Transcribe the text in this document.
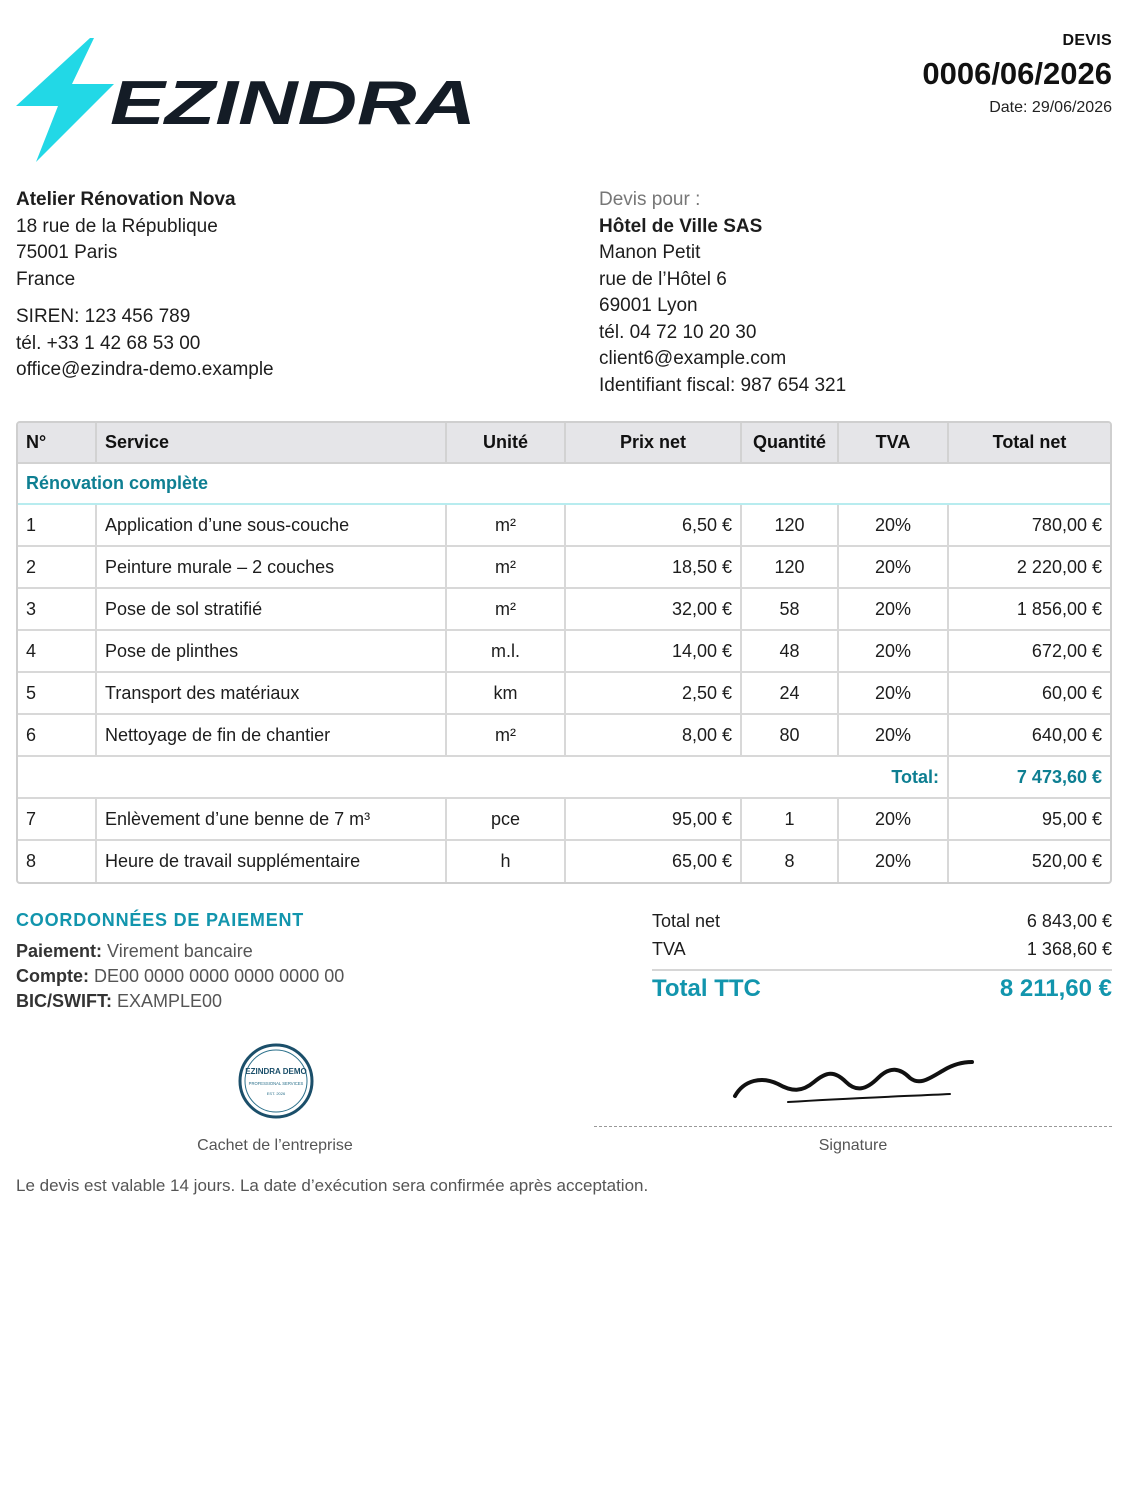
EZINDRA
DEVIS
0006/06/2026
Date: 29/06/2026
Atelier Rénovation Nova
18 rue de la République
75001 Paris
France
SIREN: 123 456 789
tél. +33 1 42 68 53 00
office@ezindra-demo.example
Devis pour :
Hôtel de Ville SAS
Manon Petit
rue de l’Hôtel 6
69001 Lyon
tél. 04 72 10 20 30
client6@example.com
Identifiant fiscal: 987 654 321
N°	Service	Unité	Prix net	Quantité	TVA	Total net
Rénovation complète						
1	Application d’une sous-couche	m²	6,50 €	120	20%	780,00 €
2	Peinture murale – 2 couches	m²	18,50 €	120	20%	2 220,00 €
3	Pose de sol stratifié	m²	32,00 €	58	20%	1 856,00 €
4	Pose de plinthes	m.l.	14,00 €	48	20%	672,00 €
5	Transport des matériaux	km	2,50 €	24	20%	60,00 €
6	Nettoyage de fin de chantier	m²	8,00 €	80	20%	640,00 €
Total:						7 473,60 €
7	Enlèvement d’une benne de 7 m³	pce	95,00 €	1	20%	95,00 €
8	Heure de travail supplémentaire	h	65,00 €	8	20%	520,00 €
COORDONNÉES DE PAIEMENT
Paiement: Virement bancaire
Compte: DE00 0000 0000 0000 0000 00
BIC/SWIFT: EXAMPLE00
Total net	6 843,00 €
TVA	1 368,60 €
Total TTC	8 211,60 €
EZINDRA DEMO
PROFESSIONAL SERVICES
EST. 2026
Cachet de l’entreprise	Signature
Le devis est valable 14 jours. La date d’exécution sera confirmée après acceptation.
